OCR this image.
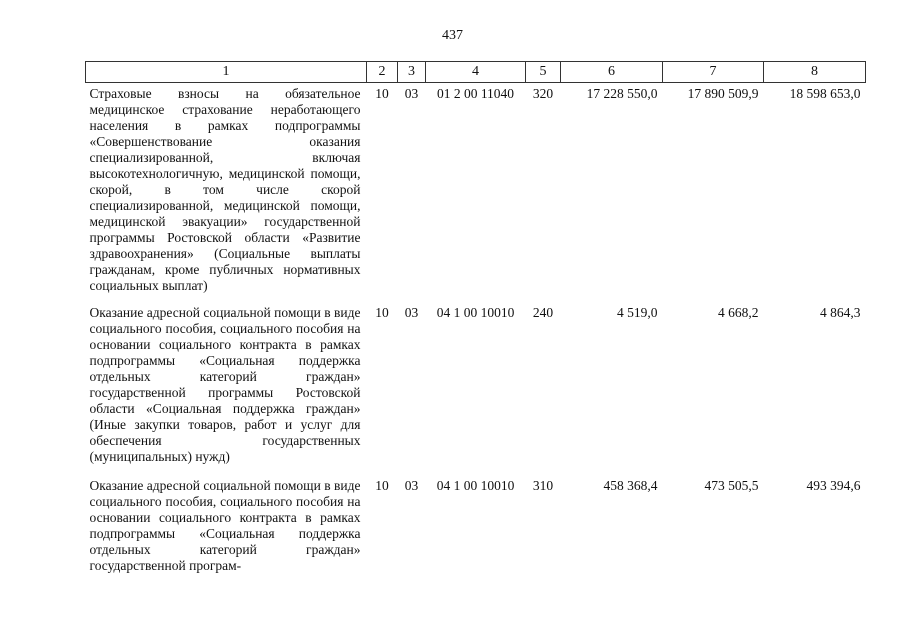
437
1	2	3	4	5	6	7	8
Страховые взносы на обязательное медицинское страхование неработающего населения в рамках подпрограммы «Совершенствование оказания специализированной, включая высокотехнологичную, медицинской помощи, скорой, в том числе скорой специализированной, медицинской помощи, медицинской эвакуации» государственной программы Ростовской области «Развитие здравоохранения» (Социальные выплаты гражданам, кроме публичных нормативных социальных выплат)	10	03	01 2 00 11040	320	17 228 550,0	17 890 509,9	18 598 653,0
Оказание адресной социальной помощи в виде социального пособия, социального пособия на основании социального контракта в рамках подпрограммы «Социальная поддержка отдельных категорий граждан» государственной программы Ростовской области «Социальная поддержка граждан» (Иные закупки товаров, работ и услуг для обеспечения государственных (муниципальных) нужд)	10	03	04 1 00 10010	240	4 519,0	4 668,2	4 864,3
Оказание адресной социальной помощи в виде социального пособия, социального пособия на основании социального контракта в рамках подпрограммы «Социальная поддержка отдельных категорий граждан» государственной програм-	10	03	04 1 00 10010	310	458 368,4	473 505,5	493 394,6
